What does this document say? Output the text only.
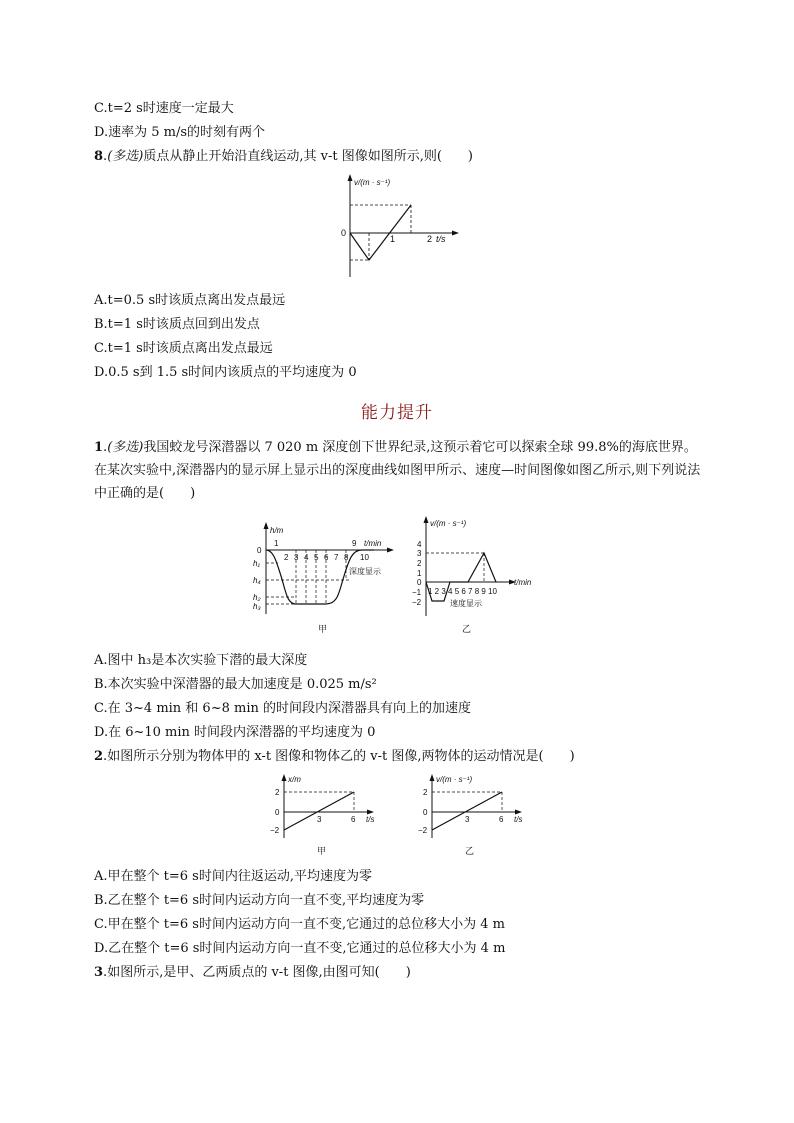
C.t=2 s时速度一定最大
D.速率为 5 m/s的时刻有两个
8.(多选)质点从静止开始沿直线运动,其 v-t 图像如图所示,则(　　)
v/(m · s⁻¹)
0
1	2 t/s
A.t=0.5 s时该质点离出发点最远
B.t=1 s时该质点回到出发点
C.t=1 s时该质点离出发点最远
D.0.5 s到 1.5 s时间内该质点的平均速度为 0
能力提升
1.(多选)我国蛟龙号深潜器以 7 020 m 深度创下世界纪录,这预示着它可以探索全球 99.8%的海底世界。在某次实验中,深潜器内的显示屏上显示出的深度曲线如图甲所示、速度—时间图像如图乙所示,则下列说法中正确的是(　　)
h/m
0
h₁
h₄
h₂
h₃
1
2 3 4 5 6 7 8
9
10
t/min
深度显示
甲
v/(m · s⁻¹)
4
3
2
1
0
−1
−2
1 2 3 4 5 6 7 8 9 10
t/min
速度显示
乙
A.图中 h₃是本次实验下潜的最大深度
B.本次实验中深潜器的最大加速度是 0.025 m/s²
C.在 3~4 min 和 6~8 min 的时间段内深潜器具有向上的加速度
D.在 6~10 min 时间段内深潜器的平均速度为 0
2.如图所示分别为物体甲的 x-t 图像和物体乙的 v-t 图像,两物体的运动情况是(　　)
x/m
2
0
−2
3	6 t/s
甲
v/(m · s⁻¹)
2
0
−2
3	6 t/s
乙
A.甲在整个 t=6 s时间内往返运动,平均速度为零
B.乙在整个 t=6 s时间内运动方向一直不变,平均速度为零
C.甲在整个 t=6 s时间内运动方向一直不变,它通过的总位移大小为 4 m
D.乙在整个 t=6 s时间内运动方向一直不变,它通过的总位移大小为 4 m
3.如图所示,是甲、乙两质点的 v-t 图像,由图可知(　　)
